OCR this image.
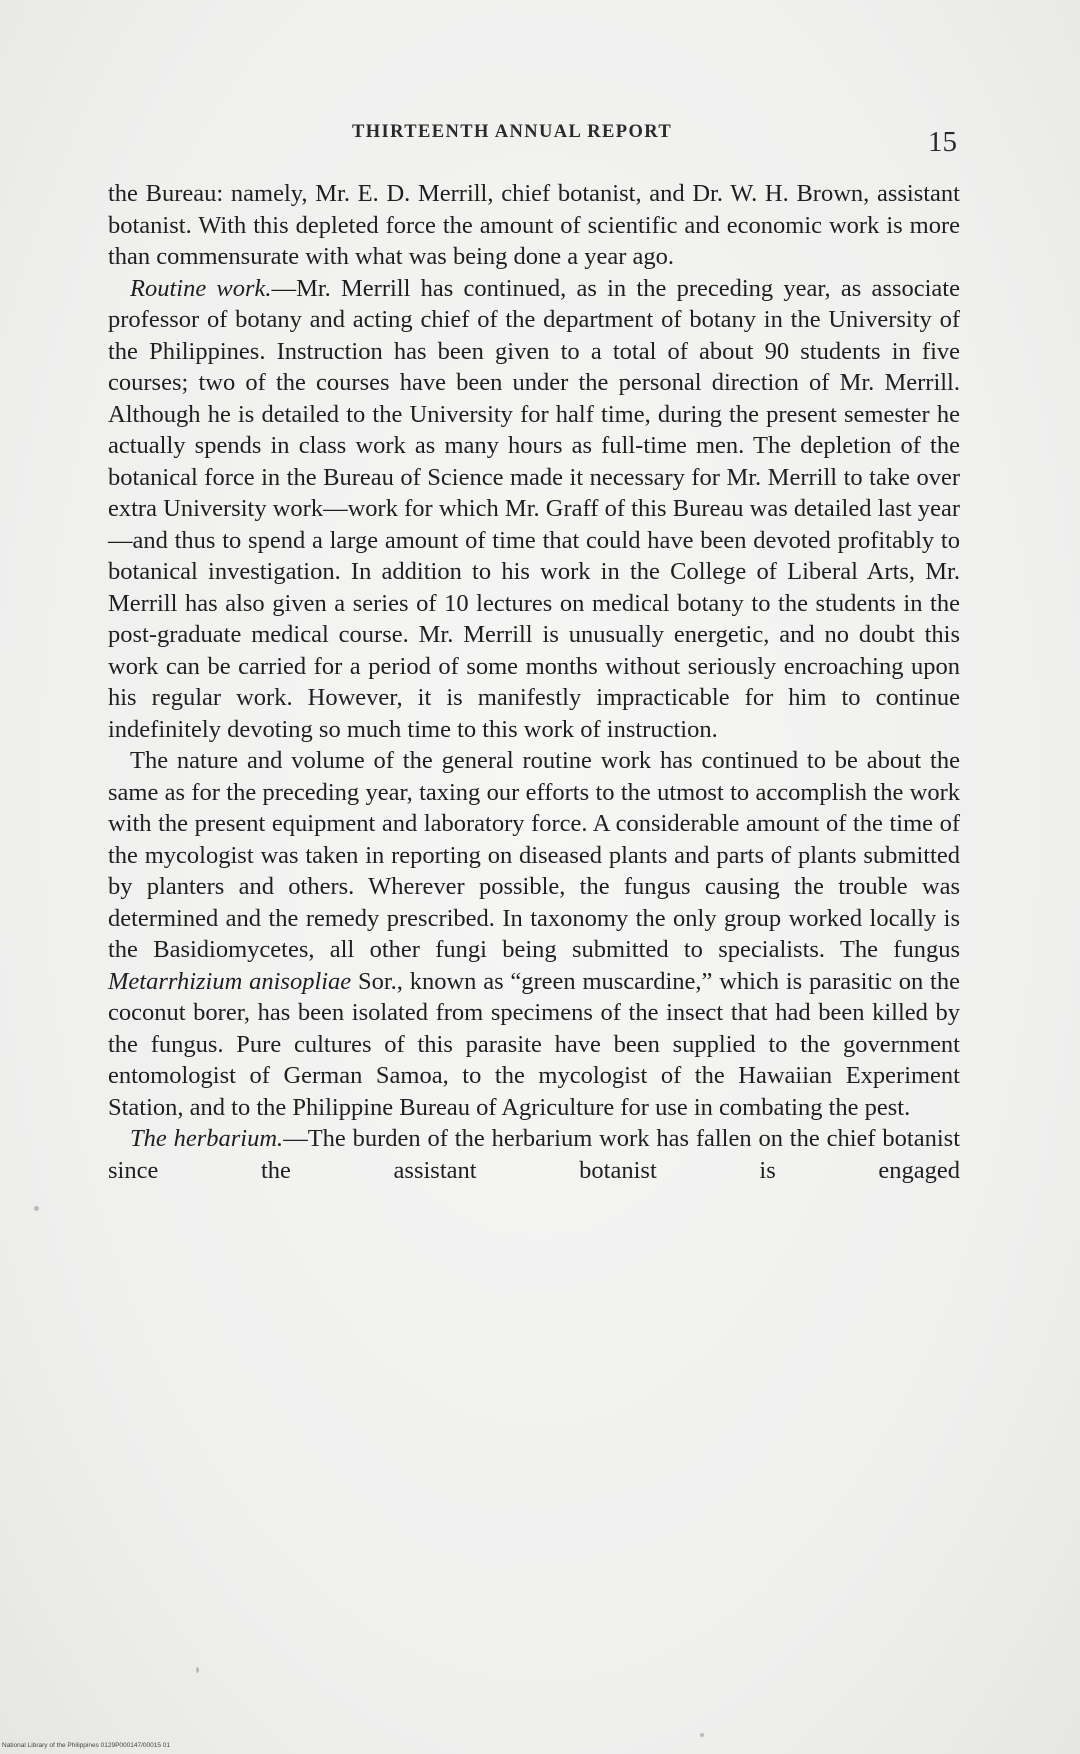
THIRTEENTH ANNUAL REPORT	15

the Bureau: namely, Mr. E. D. Merrill, chief botanist, and Dr. W. H. Brown, assistant botanist. With this depleted force the amount of scientific and economic work is more than commensurate with what was being done a year ago.

Routine work.—Mr. Merrill has continued, as in the preceding year, as associate professor of botany and acting chief of the department of botany in the University of the Philippines. Instruction has been given to a total of about 90 students in five courses; two of the courses have been under the personal direction of Mr. Merrill. Although he is detailed to the University for half time, during the present semester he actually spends in class work as many hours as full-time men. The depletion of the botanical force in the Bureau of Science made it necessary for Mr. Merrill to take over extra University work—work for which Mr. Graff of this Bureau was detailed last year—and thus to spend a large amount of time that could have been devoted profitably to botanical investigation. In addition to his work in the College of Liberal Arts, Mr. Merrill has also given a series of 10 lectures on medical botany to the students in the post-graduate medical course. Mr. Merrill is unusually energetic, and no doubt this work can be carried for a period of some months without seriously encroaching upon his regular work. However, it is manifestly impracticable for him to continue indefinitely devoting so much time to this work of instruction.

The nature and volume of the general routine work has continued to be about the same as for the preceding year, taxing our efforts to the utmost to accomplish the work with the present equipment and laboratory force. A considerable amount of the time of the mycologist was taken in reporting on diseased plants and parts of plants submitted by planters and others. Wherever possible, the fungus causing the trouble was determined and the remedy prescribed. In taxonomy the only group worked locally is the Basidiomycetes, all other fungi being submitted to specialists. The fungus Metarrhizium anisopliae Sor., known as “green muscardine,” which is parasitic on the coconut borer, has been isolated from specimens of the insect that had been killed by the fungus. Pure cultures of this parasite have been supplied to the government entomologist of German Samoa, to the mycologist of the Hawaiian Experiment Station, and to the Philippine Bureau of Agriculture for use in combating the pest.

The herbarium.—The burden of the herbarium work has fallen on the chief botanist since the assistant botanist is engaged

National Library of the Philippines 0129P000147/00015 01
